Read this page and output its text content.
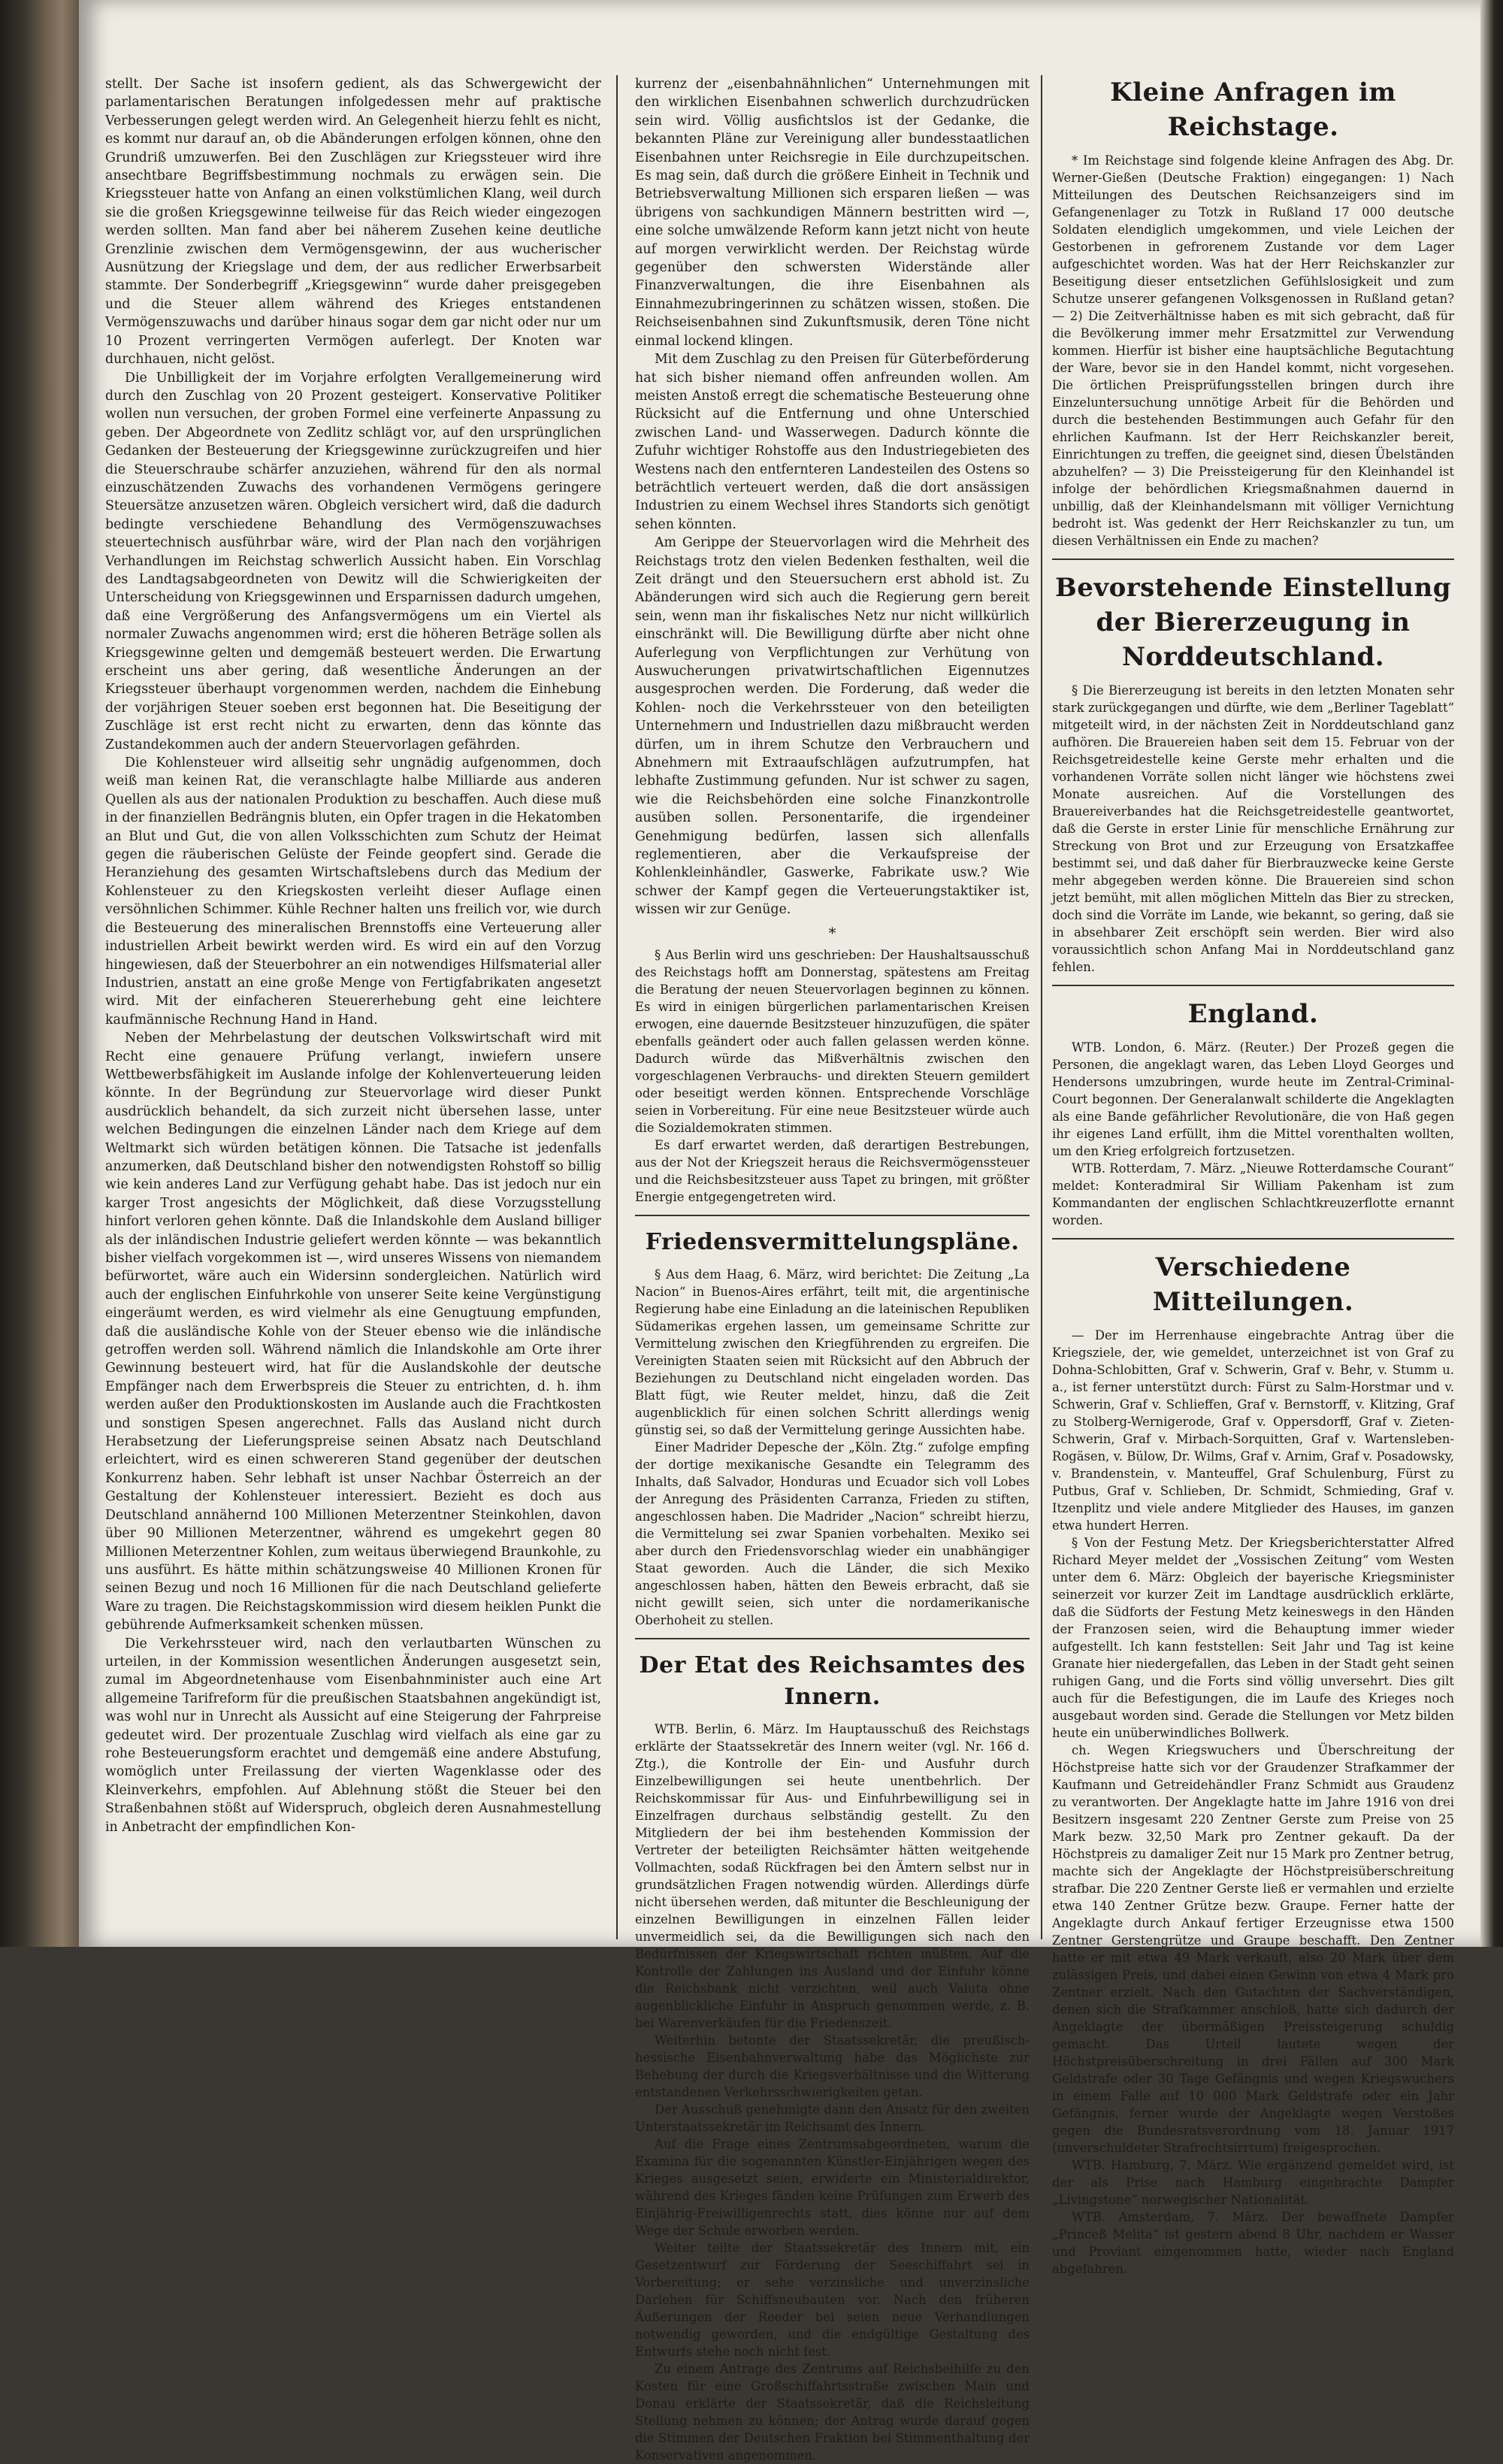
stellt. Der Sache ist insofern gedient, als das Schwergewicht der parlamentarischen Beratungen infolgedessen mehr auf praktische Verbesserungen gelegt werden wird. An Gelegenheit hierzu fehlt es nicht, es kommt nur darauf an, ob die Abänderungen erfolgen können, ohne den Grundriß umzuwerfen. Bei den Zuschlägen zur Kriegssteuer wird ihre ansechtbare Begriffsbestimmung nochmals zu erwägen sein. Die Kriegssteuer hatte von Anfang an einen volkstümlichen Klang, weil durch sie die großen Kriegsgewinne teilweise für das Reich wieder eingezogen werden sollten. Man fand aber bei näherem Zusehen keine deutliche Grenzlinie zwischen dem Vermögensgewinn, der aus wucherischer Ausnützung der Kriegslage und dem, der aus redlicher Erwerbsarbeit stammte. Der Sonderbegriff „Kriegsgewinn“ wurde daher preisgegeben und die Steuer allem während des Krieges entstandenen Vermögenszuwachs und darüber hinaus sogar dem gar nicht oder nur um 10 Prozent verringerten Vermögen auferlegt. Der Knoten war durchhauen, nicht gelöst.

Die Unbilligkeit der im Vorjahre erfolgten Verallgemeinerung wird durch den Zuschlag von 20 Prozent gesteigert. Konservative Politiker wollen nun versuchen, der groben Formel eine verfeinerte Anpassung zu geben. Der Abgeordnete von Zedlitz schlägt vor, auf den ursprünglichen Gedanken der Besteuerung der Kriegsgewinne zurückzugreifen und hier die Steuerschraube schärfer anzuziehen, während für den als normal einzuschätzenden Zuwachs des vorhandenen Vermögens geringere Steuersätze anzusetzen wären. Obgleich versichert wird, daß die dadurch bedingte verschiedene Behandlung des Vermögenszuwachses steuertechnisch ausführbar wäre, wird der Plan nach den vorjährigen Verhandlungen im Reichstag schwerlich Aussicht haben. Ein Vorschlag des Landtagsabgeordneten von Dewitz will die Schwierigkeiten der Unterscheidung von Kriegsgewinnen und Ersparnissen dadurch umgehen, daß eine Vergrößerung des Anfangsvermögens um ein Viertel als normaler Zuwachs angenommen wird; erst die höheren Beträge sollen als Kriegsgewinne gelten und demgemäß besteuert werden. Die Erwartung erscheint uns aber gering, daß wesentliche Änderungen an der Kriegssteuer überhaupt vorgenommen werden, nachdem die Einhebung der vorjährigen Steuer soeben erst begonnen hat. Die Beseitigung der Zuschläge ist erst recht nicht zu erwarten, denn das könnte das Zustandekommen auch der andern Steuervorlagen gefährden.

Die Kohlensteuer wird allseitig sehr ungnädig aufgenommen, doch weiß man keinen Rat, die veranschlagte halbe Milliarde aus anderen Quellen als aus der nationalen Produktion zu beschaffen. Auch diese muß in der finanziellen Bedrängnis bluten, ein Opfer tragen in die Hekatomben an Blut und Gut, die von allen Volksschichten zum Schutz der Heimat gegen die räuberischen Gelüste der Feinde geopfert sind. Gerade die Heranziehung des gesamten Wirtschaftslebens durch das Medium der Kohlensteuer zu den Kriegskosten verleiht dieser Auflage einen versöhnlichen Schimmer. Kühle Rechner halten uns freilich vor, wie durch die Besteuerung des mineralischen Brennstoffs eine Verteuerung aller industriellen Arbeit bewirkt werden wird. Es wird ein auf den Vorzug hingewiesen, daß der Steuerbohrer an ein notwendiges Hilfsmaterial aller Industrien, anstatt an eine große Menge von Fertigfabrikaten angesetzt wird. Mit der einfacheren Steuererhebung geht eine leichtere kaufmännische Rechnung Hand in Hand.

Neben der Mehrbelastung der deutschen Volkswirtschaft wird mit Recht eine genauere Prüfung verlangt, inwiefern unsere Wettbewerbsfähigkeit im Auslande infolge der Kohlenverteuerung leiden könnte. In der Begründung zur Steuervorlage wird dieser Punkt ausdrücklich behandelt, da sich zurzeit nicht übersehen lasse, unter welchen Bedingungen die einzelnen Länder nach dem Kriege auf dem Weltmarkt sich würden betätigen können. Die Tatsache ist jedenfalls anzumerken, daß Deutschland bisher den notwendigsten Rohstoff so billig wie kein anderes Land zur Verfügung gehabt habe. Das ist jedoch nur ein karger Trost angesichts der Möglichkeit, daß diese Vorzugsstellung hinfort verloren gehen könnte. Daß die Inlandskohle dem Ausland billiger als der inländischen Industrie geliefert werden könnte — was bekanntlich bisher vielfach vorgekommen ist —, wird unseres Wissens von niemandem befürwortet, wäre auch ein Widersinn sondergleichen. Natürlich wird auch der englischen Einfuhrkohle von unserer Seite keine Vergünstigung eingeräumt werden, es wird vielmehr als eine Genugtuung empfunden, daß die ausländische Kohle von der Steuer ebenso wie die inländische getroffen werden soll. Während nämlich die Inlandskohle am Orte ihrer Gewinnung besteuert wird, hat für die Auslandskohle der deutsche Empfänger nach dem Erwerbspreis die Steuer zu entrichten, d. h. ihm werden außer den Produktionskosten im Auslande auch die Frachtkosten und sonstigen Spesen angerechnet. Falls das Ausland nicht durch Herabsetzung der Lieferungspreise seinen Absatz nach Deutschland erleichtert, wird es einen schwereren Stand gegenüber der deutschen Konkurrenz haben. Sehr lebhaft ist unser Nachbar Österreich an der Gestaltung der Kohlensteuer interessiert. Bezieht es doch aus Deutschland annähernd 100 Millionen Meterzentner Steinkohlen, davon über 90 Millionen Meterzentner, während es umgekehrt gegen 80 Millionen Meterzentner Kohlen, zum weitaus überwiegend Braunkohle, zu uns ausführt. Es hätte mithin schätzungsweise 40 Millionen Kronen für seinen Bezug und noch 16 Millionen für die nach Deutschland gelieferte Ware zu tragen. Die Reichstagskommission wird diesem heiklen Punkt die gebührende Aufmerksamkeit schenken müssen.

Die Verkehrssteuer wird, nach den verlautbarten Wünschen zu urteilen, in der Kommission wesentlichen Änderungen ausgesetzt sein, zumal im Abgeordnetenhause vom Eisenbahnminister auch eine Art allgemeine Tarifreform für die preußischen Staatsbahnen angekündigt ist, was wohl nur in Unrecht als Aussicht auf eine Steigerung der Fahrpreise gedeutet wird. Der prozentuale Zuschlag wird vielfach als eine gar zu rohe Besteuerungsform erachtet und demgemäß eine andere Abstufung, womöglich unter Freilassung der vierten Wagenklasse oder des Kleinverkehrs, empfohlen. Auf Ablehnung stößt die Steuer bei den Straßenbahnen stößt auf Widerspruch, obgleich deren Ausnahmestellung in Anbetracht der empfindlichen Kon-

kurrenz der „eisenbahnähnlichen“ Unternehmungen mit den wirklichen Eisenbahnen schwerlich durchzudrücken sein wird. Völlig ausfichtslos ist der Gedanke, die bekannten Pläne zur Vereinigung aller bundesstaatlichen Eisenbahnen unter Reichsregie in Eile durchzupeitschen. Es mag sein, daß durch die größere Einheit in Technik und Betriebsverwaltung Millionen sich ersparen ließen — was übrigens von sachkundigen Männern bestritten wird —, eine solche umwälzende Reform kann jetzt nicht von heute auf morgen verwirklicht werden. Der Reichstag würde gegenüber den schwersten Widerstände aller Finanzverwaltungen, die ihre Eisenbahnen als Einnahmezubringerinnen zu schätzen wissen, stoßen. Die Reichseisenbahnen sind Zukunftsmusik, deren Töne nicht einmal lockend klingen.

Mit dem Zuschlag zu den Preisen für Güterbeförderung hat sich bisher niemand offen anfreunden wollen. Am meisten Anstoß erregt die schematische Besteuerung ohne Rücksicht auf die Entfernung und ohne Unterschied zwischen Land- und Wasserwegen. Dadurch könnte die Zufuhr wichtiger Rohstoffe aus den Industriegebieten des Westens nach den entfernteren Landesteilen des Ostens so beträchtlich verteuert werden, daß die dort ansässigen Industrien zu einem Wechsel ihres Standorts sich genötigt sehen könnten.

Am Gerippe der Steuervorlagen wird die Mehrheit des Reichstags trotz den vielen Bedenken festhalten, weil die Zeit drängt und den Steuersuchern erst abhold ist. Zu Abänderungen wird sich auch die Regierung gern bereit sein, wenn man ihr fiskalisches Netz nur nicht willkürlich einschränkt will. Die Bewilligung dürfte aber nicht ohne Auferlegung von Verpflichtungen zur Verhütung von Auswucherungen privatwirtschaftlichen Eigennutzes ausgesprochen werden. Die Forderung, daß weder die Kohlen- noch die Verkehrssteuer von den beteiligten Unternehmern und Industriellen dazu mißbraucht werden dürfen, um in ihrem Schutze den Verbrauchern und Abnehmern mit Extraaufschlägen aufzutrumpfen, hat lebhafte Zustimmung gefunden. Nur ist schwer zu sagen, wie die Reichsbehörden eine solche Finanzkontrolle ausüben sollen. Personentarife, die irgendeiner Genehmigung bedürfen, lassen sich allenfalls reglementieren, aber die Verkaufspreise der Kohlenkleinhändler, Gaswerke, Fabrikate usw.? Wie schwer der Kampf gegen die Verteuerungstaktiker ist, wissen wir zur Genüge.

*

§ Aus Berlin wird uns geschrieben: Der Haushaltsausschuß des Reichstags hofft am Donnerstag, spätestens am Freitag die Beratung der neuen Steuervorlagen beginnen zu können. Es wird in einigen bürgerlichen parlamentarischen Kreisen erwogen, eine dauernde Besitzsteuer hinzuzufügen, die später ebenfalls geändert oder auch fallen gelassen werden könne. Dadurch würde das Mißverhältnis zwischen den vorgeschlagenen Verbrauchs- und direkten Steuern gemildert oder beseitigt werden können. Entsprechende Vorschläge seien in Vorbereitung. Für eine neue Besitzsteuer würde auch die Sozialdemokraten stimmen.

Es darf erwartet werden, daß derartigen Bestrebungen, aus der Not der Kriegszeit heraus die Reichsvermögenssteuer und die Reichsbesitzsteuer auss Tapet zu bringen, mit größter Energie entgegengetreten wird.

Friedensvermittelungspläne.

§ Aus dem Haag, 6. März, wird berichtet: Die Zeitung „La Nacion“ in Buenos-Aires erfährt, teilt mit, die argentinische Regierung habe eine Einladung an die lateinischen Republiken Südamerikas ergehen lassen, um gemeinsame Schritte zur Vermittelung zwischen den Kriegführenden zu ergreifen. Die Vereinigten Staaten seien mit Rücksicht auf den Abbruch der Beziehungen zu Deutschland nicht eingeladen worden. Das Blatt fügt, wie Reuter meldet, hinzu, daß die Zeit augenblicklich für einen solchen Schritt allerdings wenig günstig sei, so daß der Vermittelung geringe Aussichten habe.

Einer Madrider Depesche der „Köln. Ztg.“ zufolge empfing der dortige mexikanische Gesandte ein Telegramm des Inhalts, daß Salvador, Honduras und Ecuador sich voll Lobes der Anregung des Präsidenten Carranza, Frieden zu stiften, angeschlossen haben. Die Madrider „Nacion“ schreibt hierzu, die Vermittelung sei zwar Spanien vorbehalten. Mexiko sei aber durch den Friedensvorschlag wieder ein unabhängiger Staat geworden. Auch die Länder, die sich Mexiko angeschlossen haben, hätten den Beweis erbracht, daß sie nicht gewillt seien, sich unter die nordamerikanische Oberhoheit zu stellen.

Der Etat des Reichsamtes des Innern.

WTB. Berlin, 6. März. Im Hauptausschuß des Reichstags erklärte der Staatssekretär des Innern weiter (vgl. Nr. 166 d. Ztg.), die Kontrolle der Ein- und Ausfuhr durch Einzelbewilligungen sei heute unentbehrlich. Der Reichskommissar für Aus- und Einfuhrbewilligung sei in Einzelfragen durchaus selbständig gestellt. Zu den Mitgliedern der bei ihm bestehenden Kommission der Vertreter der beteiligten Reichsämter hätten weitgehende Vollmachten, sodaß Rückfragen bei den Ämtern selbst nur in grundsätzlichen Fragen notwendig würden. Allerdings dürfe nicht übersehen werden, daß mitunter die Beschleunigung der einzelnen Bewilligungen in einzelnen Fällen leider unvermeidlich sei, da die Bewilligungen sich nach den Bedürfnissen der Kriegswirtschaft richten müßten. Auf die Kontrolle der Zahlungen ins Ausland und der Einfuhr könne die Reichsbank nicht verzichten, weil auch Valuta ohne augenblickliche Einfuhr in Anspruch genommen werde, z. B. bei Warenverkäufen für die Friedenszeit.

Weiterhin betonte der Staatssekretär, die preußisch-hessische Eisenbahnverwaltung habe das Möglichste zur Behebung der durch die Kriegsverhältnisse und die Witterung entstandenen Verkehrsschwierigkeiten getan.

Der Ausschuß genehmigte dann den Ansatz für den zweiten Unterstaatssekretär im Reichsamt des Innern.

Auf die Frage eines Zentrumsabgeordneten, warum die Examina für die sogenannten Künstler-Einjährigen wegen des Krieges ausgesetzt seien, erwiderte ein Ministerialdirektor, während des Krieges fänden keine Prüfungen zum Erwerb des Einjährig-Freiwilligenrechts statt, dies könne nur auf dem Wege der Schule erworben werden.

Weiter teilte der Staatssekretär des Innern mit, ein Gesetzentwurf zur Förderung der Seeschiffahrt sei in Vorbereitung; er sehe verzinsliche und unverzinsliche Darlehen für Schiffsneubauten vor. Nach den früheren Äußerungen der Reeder bei seien neue Verhandlungen notwendig geworden, und die endgültige Gestaltung des Entwurfs stehe noch nicht fest.

Zu einem Antrage des Zentrums auf Reichsbeihilfe zu den Kosten für eine Großschiffahrtsstraße zwischen Main und Donau erklärte der Staatssekretär, daß die Reichsleitung Stellung nehmen zu können; der Antrag wurde darauf gegen die Stimmen der Deutschen Fraktion bei Stimmenthaltung der Konservativen angenommen.

Kleine Anfragen im Reichstage.

* Im Reichstage sind folgende kleine Anfragen des Abg. Dr. Werner-Gießen (Deutsche Fraktion) eingegangen: 1) Nach Mitteilungen des Deutschen Reichsanzeigers sind im Gefangenenlager zu Totzk in Rußland 17 000 deutsche Soldaten elendiglich umgekommen, und viele Leichen der Gestorbenen in gefrorenem Zustande vor dem Lager aufgeschichtet worden. Was hat der Herr Reichskanzler zur Beseitigung dieser entsetzlichen Gefühlslosigkeit und zum Schutze unserer gefangenen Volksgenossen in Rußland getan? — 2) Die Zeitverhältnisse haben es mit sich gebracht, daß für die Bevölkerung immer mehr Ersatzmittel zur Verwendung kommen. Hierfür ist bisher eine hauptsächliche Begutachtung der Ware, bevor sie in den Handel kommt, nicht vorgesehen. Die örtlichen Preisprüfungsstellen bringen durch ihre Einzeluntersuchung unnötige Arbeit für die Behörden und durch die bestehenden Bestimmungen auch Gefahr für den ehrlichen Kaufmann. Ist der Herr Reichskanzler bereit, Einrichtungen zu treffen, die geeignet sind, diesen Übelständen abzuhelfen? — 3) Die Preissteigerung für den Kleinhandel ist infolge der behördlichen Kriegsmaßnahmen dauernd in unbillig, daß der Kleinhandelsmann mit völliger Vernichtung bedroht ist. Was gedenkt der Herr Reichskanzler zu tun, um diesen Verhältnissen ein Ende zu machen?

Bevorstehende Einstellung der Biererzeugung in Norddeutschland.

§ Die Biererzeugung ist bereits in den letzten Monaten sehr stark zurückgegangen und dürfte, wie dem „Berliner Tageblatt“ mitgeteilt wird, in der nächsten Zeit in Norddeutschland ganz aufhören. Die Brauereien haben seit dem 15. Februar von der Reichsgetreidestelle keine Gerste mehr erhalten und die vorhandenen Vorräte sollen nicht länger wie höchstens zwei Monate ausreichen. Auf die Vorstellungen des Brauereiverbandes hat die Reichsgetreidestelle geantwortet, daß die Gerste in erster Linie für menschliche Ernährung zur Streckung von Brot und zur Erzeugung von Ersatzkaffee bestimmt sei, und daß daher für Bierbrauzwecke keine Gerste mehr abgegeben werden könne. Die Brauereien sind schon jetzt bemüht, mit allen möglichen Mitteln das Bier zu strecken, doch sind die Vorräte im Lande, wie bekannt, so gering, daß sie in absehbarer Zeit erschöpft sein werden. Bier wird also voraussichtlich schon Anfang Mai in Norddeutschland ganz fehlen.

England.

WTB. London, 6. März. (Reuter.) Der Prozeß gegen die Personen, die angeklagt waren, das Leben Lloyd Georges und Hendersons umzubringen, wurde heute im Zentral-Criminal-Court begonnen. Der Generalanwalt schilderte die Angeklagten als eine Bande gefährlicher Revolutionäre, die von Haß gegen ihr eigenes Land erfüllt, ihm die Mittel vorenthalten wollten, um den Krieg erfolgreich fortzusetzen.

WTB. Rotterdam, 7. März. „Nieuwe Rotterdamsche Courant“ meldet: Konteradmiral Sir William Pakenham ist zum Kommandanten der englischen Schlachtkreuzerflotte ernannt worden.

Verschiedene Mitteilungen.

— Der im Herrenhause eingebrachte Antrag über die Kriegsziele, der, wie gemeldet, unterzeichnet ist von Graf zu Dohna-Schlobitten, Graf v. Schwerin, Graf v. Behr, v. Stumm u. a., ist ferner unterstützt durch: Fürst zu Salm-Horstmar und v. Schwerin, Graf v. Schlieffen, Graf v. Bernstorff, v. Klitzing, Graf zu Stolberg-Wernigerode, Graf v. Oppersdorff, Graf v. Zieten-Schwerin, Graf v. Mirbach-Sorquitten, Graf v. Wartensleben-Rogäsen, v. Bülow, Dr. Wilms, Graf v. Arnim, Graf v. Posadowsky, v. Brandenstein, v. Manteuffel, Graf Schulenburg, Fürst zu Putbus, Graf v. Schlieben, Dr. Schmidt, Schmieding, Graf v. Itzenplitz und viele andere Mitglieder des Hauses, im ganzen etwa hundert Herren.

§ Von der Festung Metz. Der Kriegsberichterstatter Alfred Richard Meyer meldet der „Vossischen Zeitung“ vom Westen unter dem 6. März: Obgleich der bayerische Kriegsminister seinerzeit vor kurzer Zeit im Landtage ausdrücklich erklärte, daß die Südforts der Festung Metz keineswegs in den Händen der Franzosen seien, wird die Behauptung immer wieder aufgestellt. Ich kann feststellen: Seit Jahr und Tag ist keine Granate hier niedergefallen, das Leben in der Stadt geht seinen ruhigen Gang, und die Forts sind völlig unversehrt. Dies gilt auch für die Befestigungen, die im Laufe des Krieges noch ausgebaut worden sind. Gerade die Stellungen vor Metz bilden heute ein unüberwindliches Bollwerk.

ch. Wegen Kriegswuchers und Überschreitung der Höchstpreise hatte sich vor der Graudenzer Strafkammer der Kaufmann und Getreidehändler Franz Schmidt aus Graudenz zu verantworten. Der Angeklagte hatte im Jahre 1916 von drei Besitzern insgesamt 220 Zentner Gerste zum Preise von 25 Mark bezw. 32,50 Mark pro Zentner gekauft. Da der Höchstpreis zu damaliger Zeit nur 15 Mark pro Zentner betrug, machte sich der Angeklagte der Höchstpreisüberschreitung strafbar. Die 220 Zentner Gerste ließ er vermahlen und erzielte etwa 140 Zentner Grütze bezw. Graupe. Ferner hatte der Angeklagte durch Ankauf fertiger Erzeugnisse etwa 1500 Zentner Gerstengrütze und Graupe beschafft. Den Zentner hatte er mit etwa 49 Mark verkauft, also 20 Mark über dem zulässigen Preis, und dabei einen Gewinn von etwa 4 Mark pro Zentner erzielt. Nach den Gutachten der Sachverständigen, denen sich die Strafkammer anschloß, hatte sich dadurch der Angeklagte der übermäßigen Preissteigerung schuldig gemacht. Das Urteil lautete wegen der Höchstpreisüberschreitung in drei Fällen auf 300 Mark Geldstrafe oder 30 Tage Gefängnis und wegen Kriegswuchers in einem Falle auf 10 000 Mark Geldstrafe oder ein Jahr Gefängnis, ferner wurde der Angeklagte wegen Verstoßes gegen die Bundesratsverordnung vom 18. Januar 1917 (unverschuldeter Strafrechtsirrtum) freigesprochen.

WTB. Hamburg, 7. März. Wie ergänzend gemeldet wird, ist der als Prise nach Hamburg eingebrachte Dampfer „Livingstone“ norwegischer Nationalität.

WTB. Amsterdam, 7. März. Der bewaffnete Dampfer „Princeß Melita“ ist gestern abend 8 Uhr, nachdem er Wasser und Proviant eingenommen hatte, wieder nach England abgefahren.
